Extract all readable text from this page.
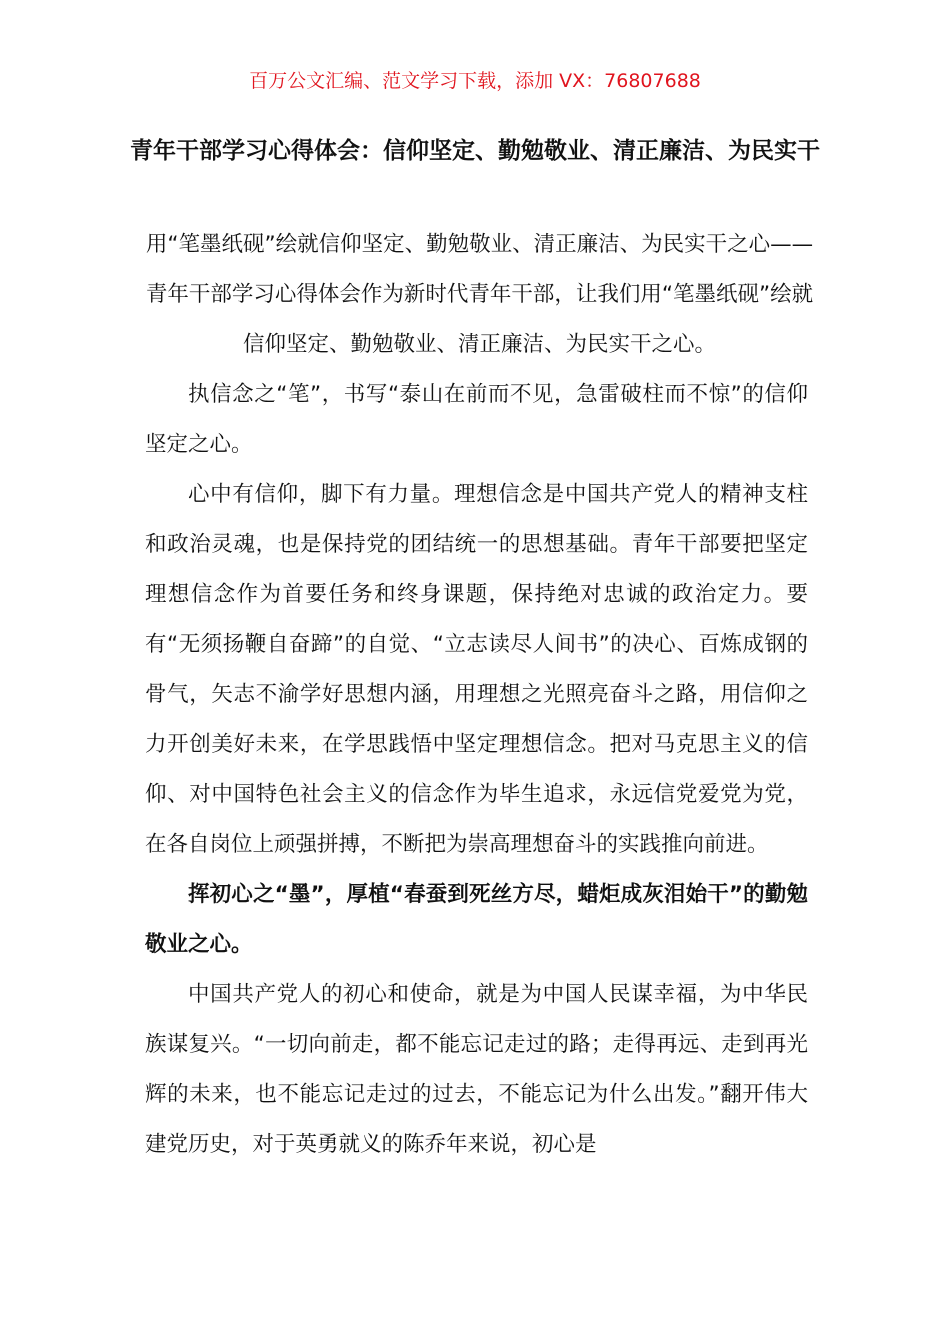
百万公文汇编、范文学习下载，添加 VX：76807688
青年干部学习心得体会：信仰坚定、勤勉敬业、清正廉洁、为民实干

用“笔墨纸砚”绘就信仰坚定、勤勉敬业、清正廉洁、为民实干之心——青年干部学习心得体会作为新时代青年干部，让我们用“笔墨纸砚”绘就信仰坚定、勤勉敬业、清正廉洁、为民实干之心。

执信念之“笔”，书写“泰山在前而不见，急雷破柱而不惊”的信仰坚定之心。

心中有信仰，脚下有力量。理想信念是中国共产党人的精神支柱和政治灵魂，也是保持党的团结统一的思想基础。青年干部要把坚定理想信念作为首要任务和终身课题，保持绝对忠诚的政治定力。要有“无须扬鞭自奋蹄”的自觉、“立志读尽人间书”的决心、百炼成钢的骨气，矢志不渝学好思想内涵，用理想之光照亮奋斗之路，用信仰之力开创美好未来，在学思践悟中坚定理想信念。把对马克思主义的信仰、对中国特色社会主义的信念作为毕生追求，永远信党爱党为党，在各自岗位上顽强拼搏，不断把为崇高理想奋斗的实践推向前进。

挥初心之“墨”，厚植“春蚕到死丝方尽，蜡炬成灰泪始干”的勤勉敬业之心。

中国共产党人的初心和使命，就是为中国人民谋幸福，为中华民族谋复兴。“一切向前走，都不能忘记走过的路；走得再远、走到再光辉的未来，也不能忘记走过的过去，不能忘记为什么出发。”翻开伟大建党历史，对于英勇就义的陈乔年来说，初心是
